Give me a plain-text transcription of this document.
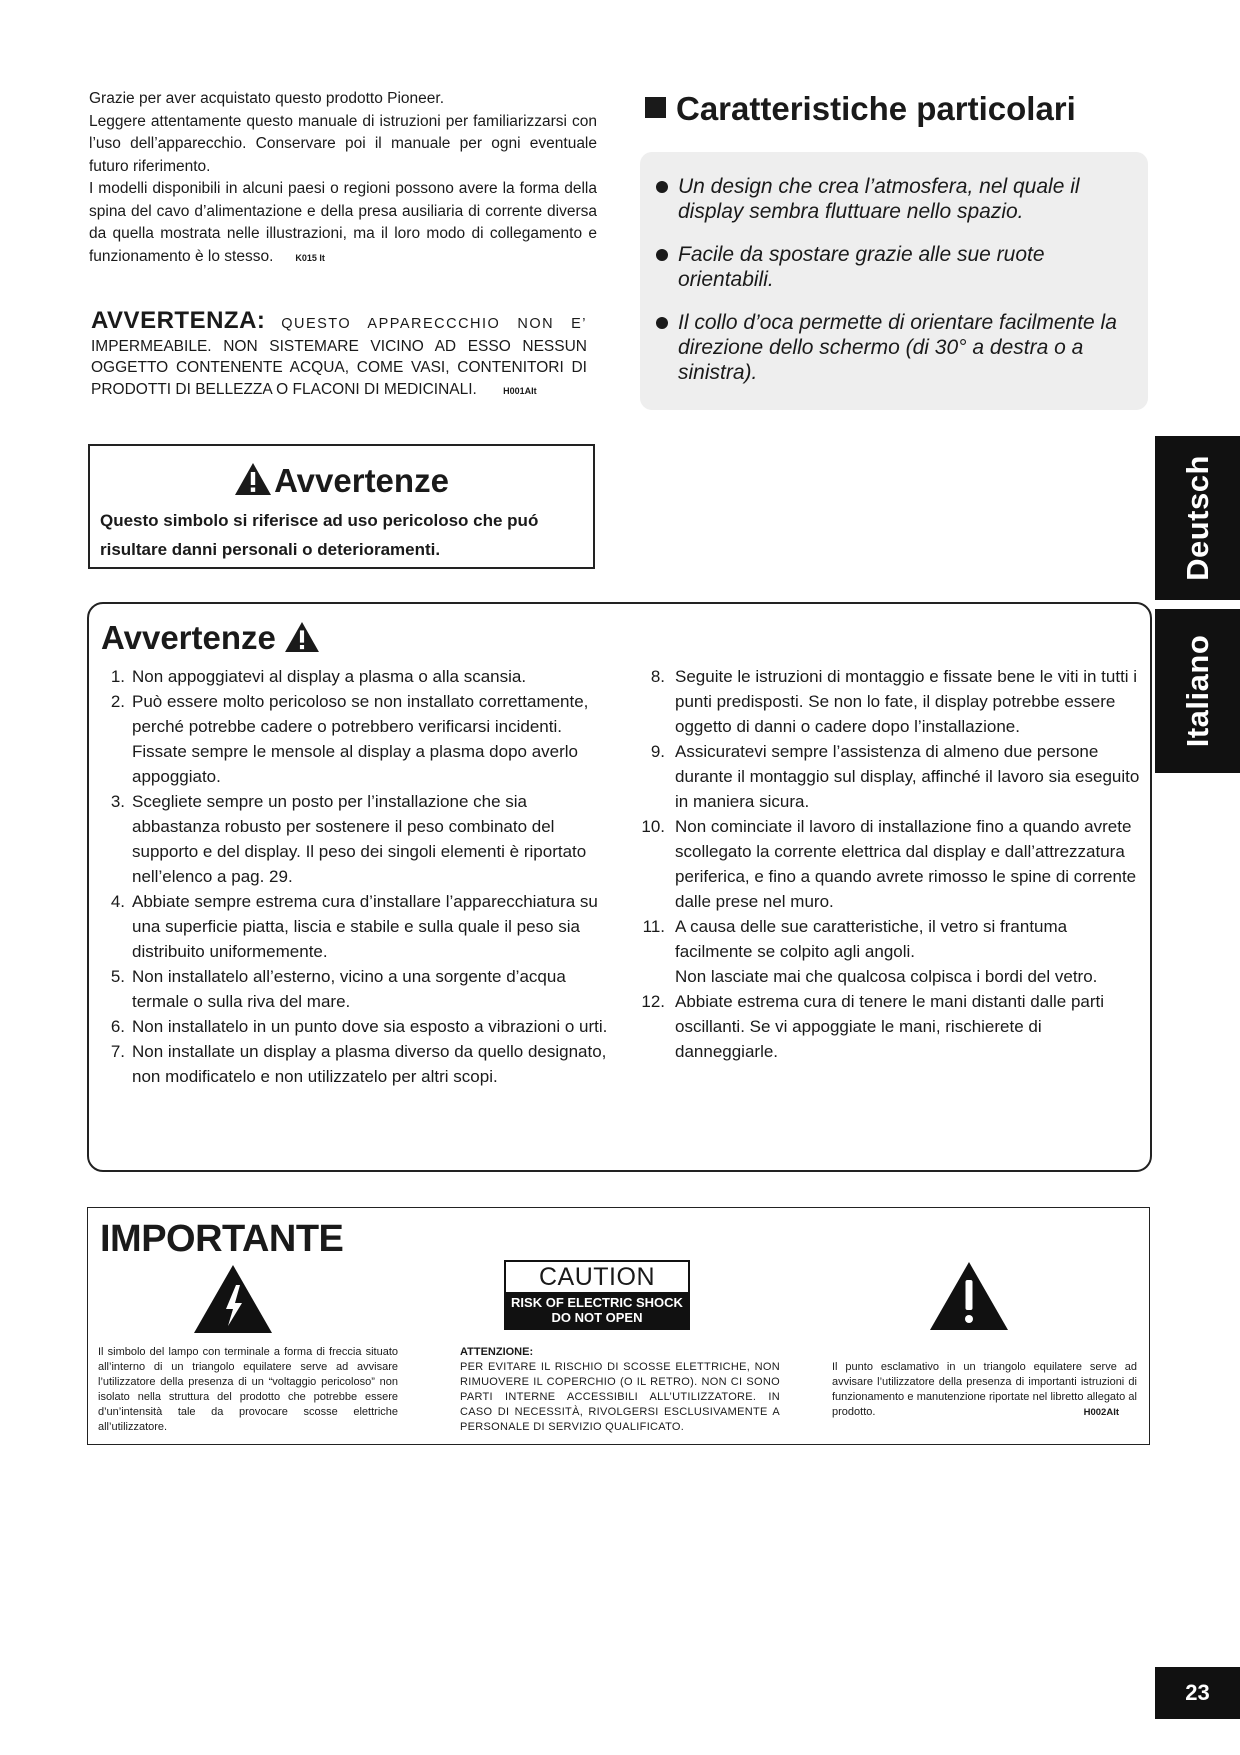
Grazie per aver acquistato questo prodotto Pioneer.

Leggere attentamente questo manuale di istruzioni per familiarizzarsi con l’uso dell’apparecchio. Conservare poi il manuale per ogni eventuale futuro riferimento.

I modelli disponibili in alcuni paesi o regioni possono avere la forma della spina del cavo d’alimentazione e della presa ausiliaria di corrente diversa da quella mostrata nelle illustrazioni, ma il loro modo di collegamento e funzionamento è lo stesso. K015 It

AVVERTENZA: QUESTO APPARECCCHIO NON E’ IMPERMEABILE. NON SISTEMARE VICINO AD ESSO NESSUN OGGETTO CONTENENTE ACQUA, COME VASI, CONTENITORI DI PRODOTTI DI BELLEZZA O FLACONI DI MEDICINALI.	H001AIt
Avvertenze
Questo simbolo si riferisce ad uso pericoloso che puó risultare danni personali o deterioramenti.
Caratteristiche particolari
Un design che crea l’atmosfera, nel quale il display sembra fluttuare nello spazio.
Facile da spostare grazie alle sue ruote orientabili.
Il collo d’oca permette di orientare facilmente la direzione dello schermo (di 30° a destra o a sinistra).
Deutsch
Italiano
Avvertenze
1. Non appoggiatevi al display a plasma o alla scansia.
2. Può essere molto pericoloso se non installato correttamente, perché potrebbe cadere o potrebbero verificarsi incidenti. Fissate sempre le mensole al display a plasma dopo averlo appoggiato.
3. Scegliete sempre un posto per l’installazione che sia abbastanza robusto per sostenere il peso combinato del supporto e del display. Il peso dei singoli elementi è riportato nell’elenco a pag. 29.
4. Abbiate sempre estrema cura d’installare l’apparecchiatura su una superficie piatta, liscia e stabile e sulla quale il peso sia distribuito uniformemente.
5. Non installatelo all’esterno, vicino a una sorgente d’acqua termale o sulla riva del mare.
6. Non installatelo in un punto dove sia esposto a vibrazioni o urti.
7. Non installate un display a plasma diverso da quello designato, non modificatelo e non utilizzatelo per altri scopi.
8. Seguite le istruzioni di montaggio e fissate bene le viti in tutti i punti predisposti. Se non lo fate, il display potrebbe essere oggetto di danni o cadere dopo l’installazione.
9. Assicuratevi sempre l’assistenza di almeno due persone durante il montaggio sul display, affinché il lavoro sia eseguito in maniera sicura.
10. Non cominciate il lavoro di installazione fino a quando avrete scollegato la corrente elettrica dal display e dall’attrezzatura periferica, e fino a quando avrete rimosso le spine di corrente dalle prese nel muro.
11. A causa delle sue caratteristiche, il vetro si frantuma facilmente se colpito agli angoli.
Non lasciate mai che qualcosa colpisca i bordi del vetro.
12. Abbiate estrema cura di tenere le mani distanti dalle parti oscillanti. Se vi appoggiate le mani, rischierete di danneggiarle.
IMPORTANTE
CAUTION
RISK OF ELECTRIC SHOCK
DO NOT OPEN
Il simbolo del lampo con terminale a forma di freccia situato all’interno di un triangolo equilatere serve ad avvisare l’utilizzatore della presenza di un “voltaggio pericoloso” non isolato nella struttura del prodotto che potrebbe essere d’un’intensità tale da provocare scosse elettriche all’utilizzatore.
ATTENZIONE:
PER EVITARE IL RISCHIO DI SCOSSE ELETTRICHE, NON RIMUOVERE IL COPERCHIO (O IL RETRO). NON CI SONO PARTI INTERNE ACCESSIBILI ALL’UTILIZZATORE. IN CASO DI NECESSITÀ, RIVOLGERSI ESCLUSIVAMENTE A PERSONALE DI SERVIZIO QUALIFICATO.
Il punto esclamativo in un triangolo equilatere serve ad avvisare l’utilizzatore della presenza di importanti istruzioni di funzionamento e manutenzione riportate nel libretto allegato al prodotto.	H002AIt
23
